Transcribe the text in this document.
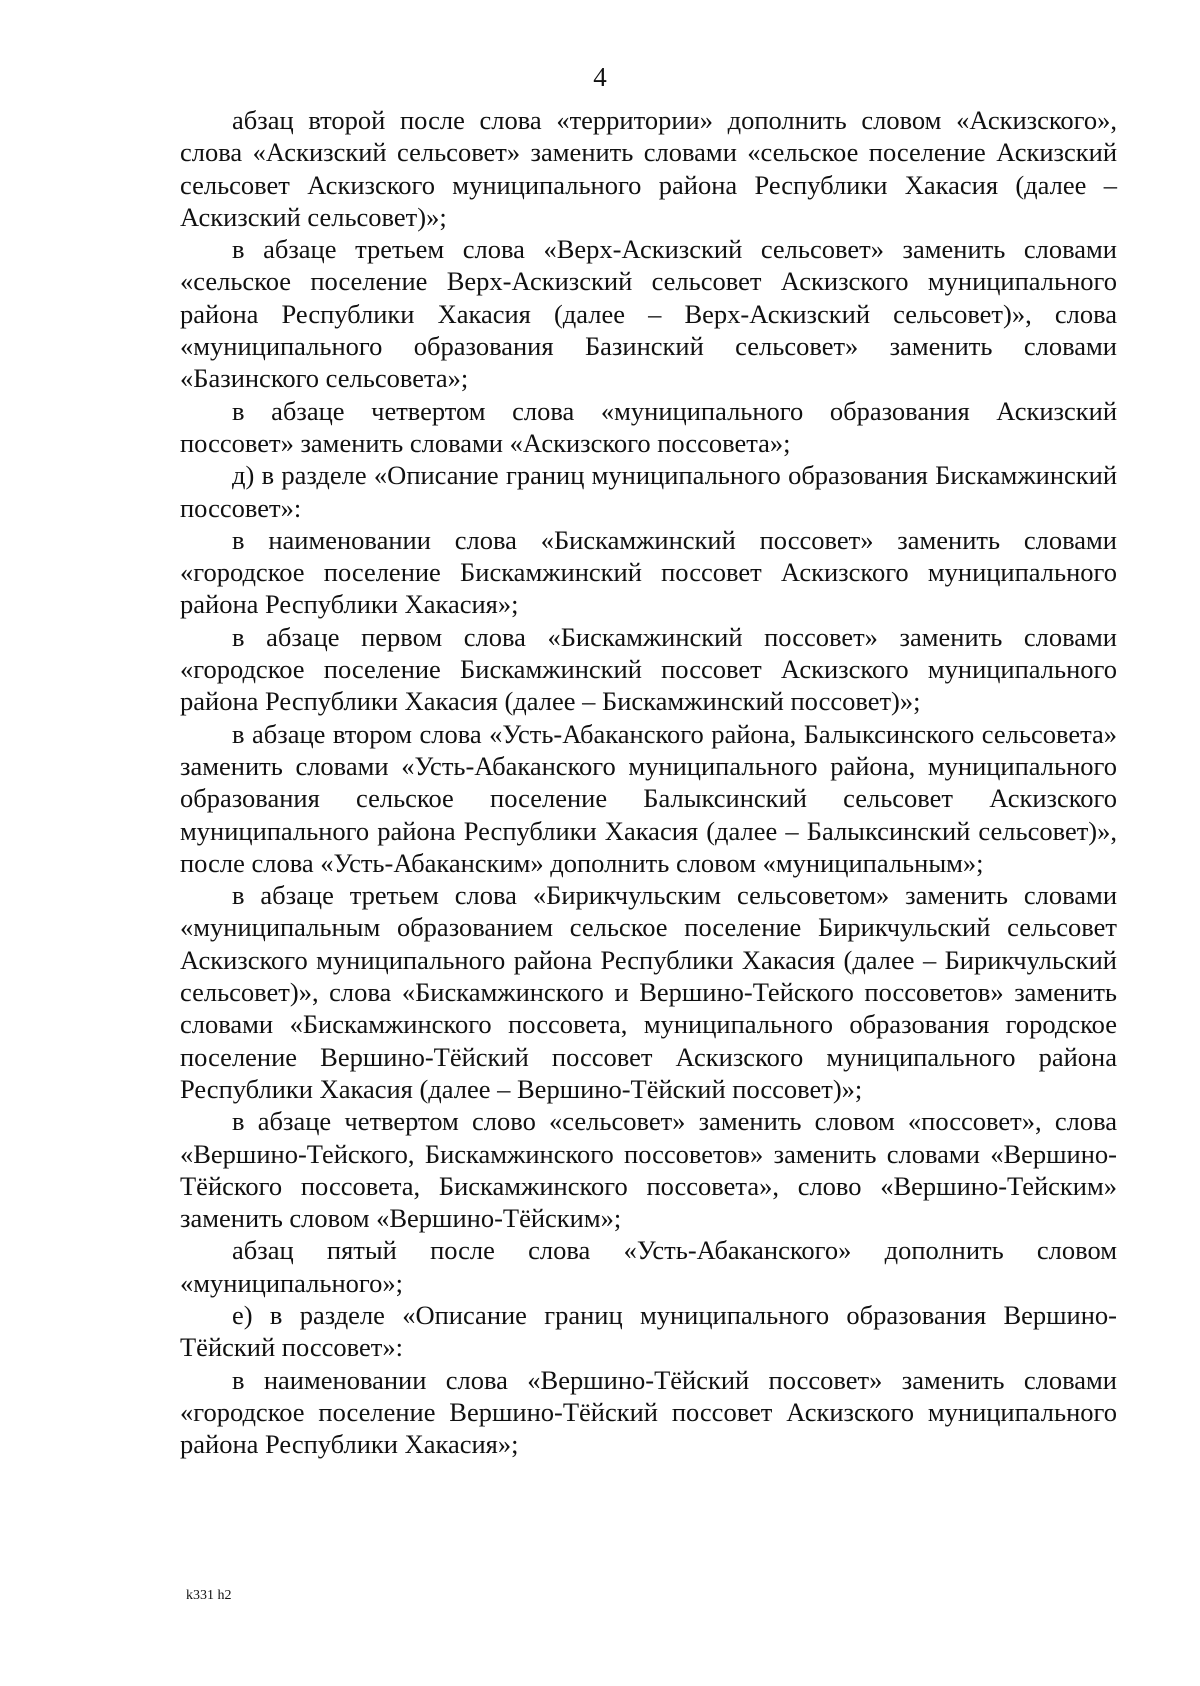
4

абзац второй после слова «территории» дополнить словом «Аскизского», слова «Аскизский сельсовет» заменить словами «сельское поселение Аскизский сельсовет Аскизского муниципального района Республики Хакасия (далее – Аскизский сельсовет)»;

в абзаце третьем слова «Верх-Аскизский сельсовет» заменить словами «сельское поселение Верх-Аскизский сельсовет Аскизского муниципального района Республики Хакасия (далее – Верх-Аскизский сельсовет)», слова «муниципального образования Базинский сельсовет» заменить словами «Базинского сельсовета»;

в абзаце четвертом слова «муниципального образования Аскизский поссовет» заменить словами «Аскизского поссовета»;

д) в разделе «Описание границ муниципального образования Бискамжинский поссовет»:

в наименовании слова «Бискамжинский поссовет» заменить словами «городское поселение Бискамжинский поссовет Аскизского муниципального района Республики Хакасия»;

в абзаце первом слова «Бискамжинский поссовет» заменить словами «городское поселение Бискамжинский поссовет Аскизского муниципального района Республики Хакасия (далее – Бискамжинский поссовет)»;

в абзаце втором слова «Усть-Абаканского района, Балыксинского сельсовета» заменить словами «Усть-Абаканского муниципального района, муниципального образования сельское поселение Балыксинский сельсовет Аскизского муниципального района Республики Хакасия (далее – Балыксинский сельсовет)», после слова «Усть-Абаканским» дополнить словом «муниципальным»;

в абзаце третьем слова «Бирикчульским сельсоветом» заменить словами «муниципальным образованием сельское поселение Бирикчульский сельсовет Аскизского муниципального района Республики Хакасия (далее – Бирикчульский сельсовет)», слова «Бискамжинского и Вершино-Тейского поссоветов» заменить словами «Бискамжинского поссовета, муниципального образования городское поселение Вершино-Тёйский поссовет Аскизского муниципального района Республики Хакасия (далее – Вершино-Тёйский поссовет)»;

в абзаце четвертом слово «сельсовет» заменить словом «поссовет», слова «Вершино-Тейского, Бискамжинского поссоветов» заменить словами «Вершино-Тёйского поссовета, Бискамжинского поссовета», слово «Вершино-Тейским» заменить словом «Вершино-Тёйским»;

абзац пятый после слова «Усть-Абаканского» дополнить словом «муниципального»;

е) в разделе «Описание границ муниципального образования Вершино-Тёйский поссовет»:

в наименовании слова «Вершино-Тёйский поссовет» заменить словами «городское поселение Вершино-Тёйский поссовет Аскизского муниципального района Республики Хакасия»;

k331 h2
